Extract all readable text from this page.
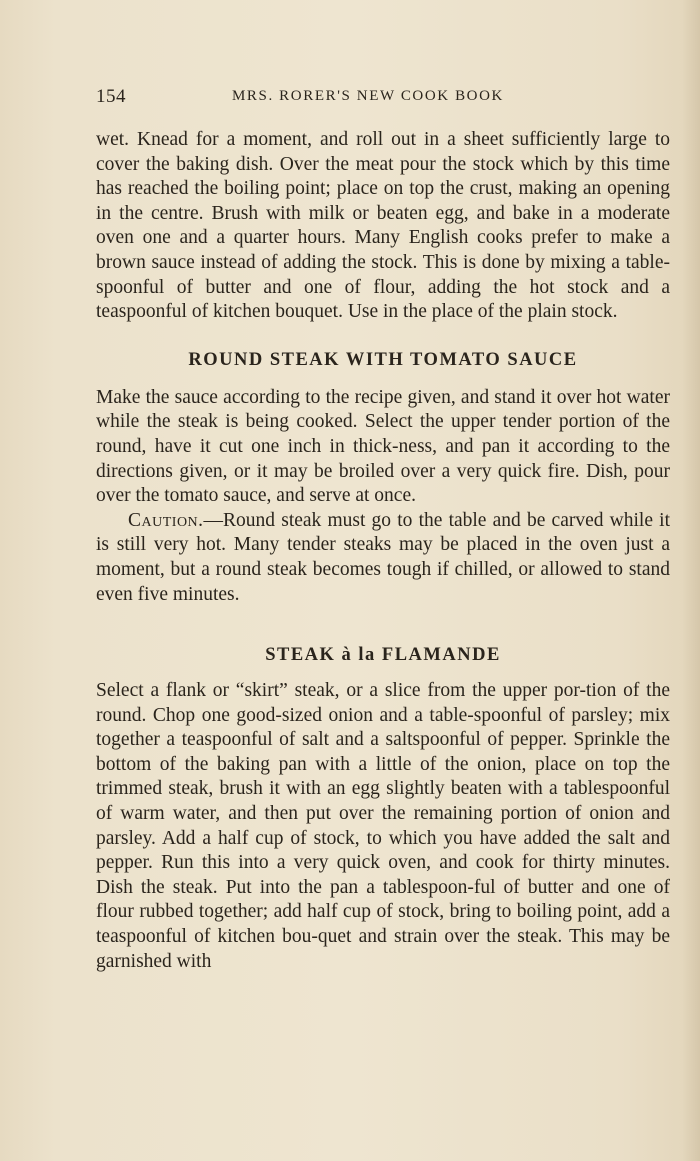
154	MRS. RORER'S NEW COOK BOOK

wet. Knead for a moment, and roll out in a sheet sufficiently large to cover the baking dish. Over the meat pour the stock which by this time has reached the boiling point; place on top the crust, making an opening in the centre. Brush with milk or beaten egg, and bake in a moderate oven one and a quarter hours. Many English cooks prefer to make a brown sauce instead of adding the stock. This is done by mixing a table-spoonful of butter and one of flour, adding the hot stock and a teaspoonful of kitchen bouquet. Use in the place of the plain stock.

ROUND STEAK WITH TOMATO SAUCE

Make the sauce according to the recipe given, and stand it over hot water while the steak is being cooked. Select the upper tender portion of the round, have it cut one inch in thick-ness, and pan it according to the directions given, or it may be broiled over a very quick fire. Dish, pour over the tomato sauce, and serve at once.

Caution.—Round steak must go to the table and be carved while it is still very hot. Many tender steaks may be placed in the oven just a moment, but a round steak becomes tough if chilled, or allowed to stand even five minutes.

STEAK à la FLAMANDE

Select a flank or “skirt” steak, or a slice from the upper por-tion of the round. Chop one good-sized onion and a table-spoonful of parsley; mix together a teaspoonful of salt and a saltspoonful of pepper. Sprinkle the bottom of the baking pan with a little of the onion, place on top the trimmed steak, brush it with an egg slightly beaten with a tablespoonful of warm water, and then put over the remaining portion of onion and parsley. Add a half cup of stock, to which you have added the salt and pepper. Run this into a very quick oven, and cook for thirty minutes. Dish the steak. Put into the pan a tablespoon-ful of butter and one of flour rubbed together; add half cup of stock, bring to boiling point, add a teaspoonful of kitchen bou-quet and strain over the steak. This may be garnished with
